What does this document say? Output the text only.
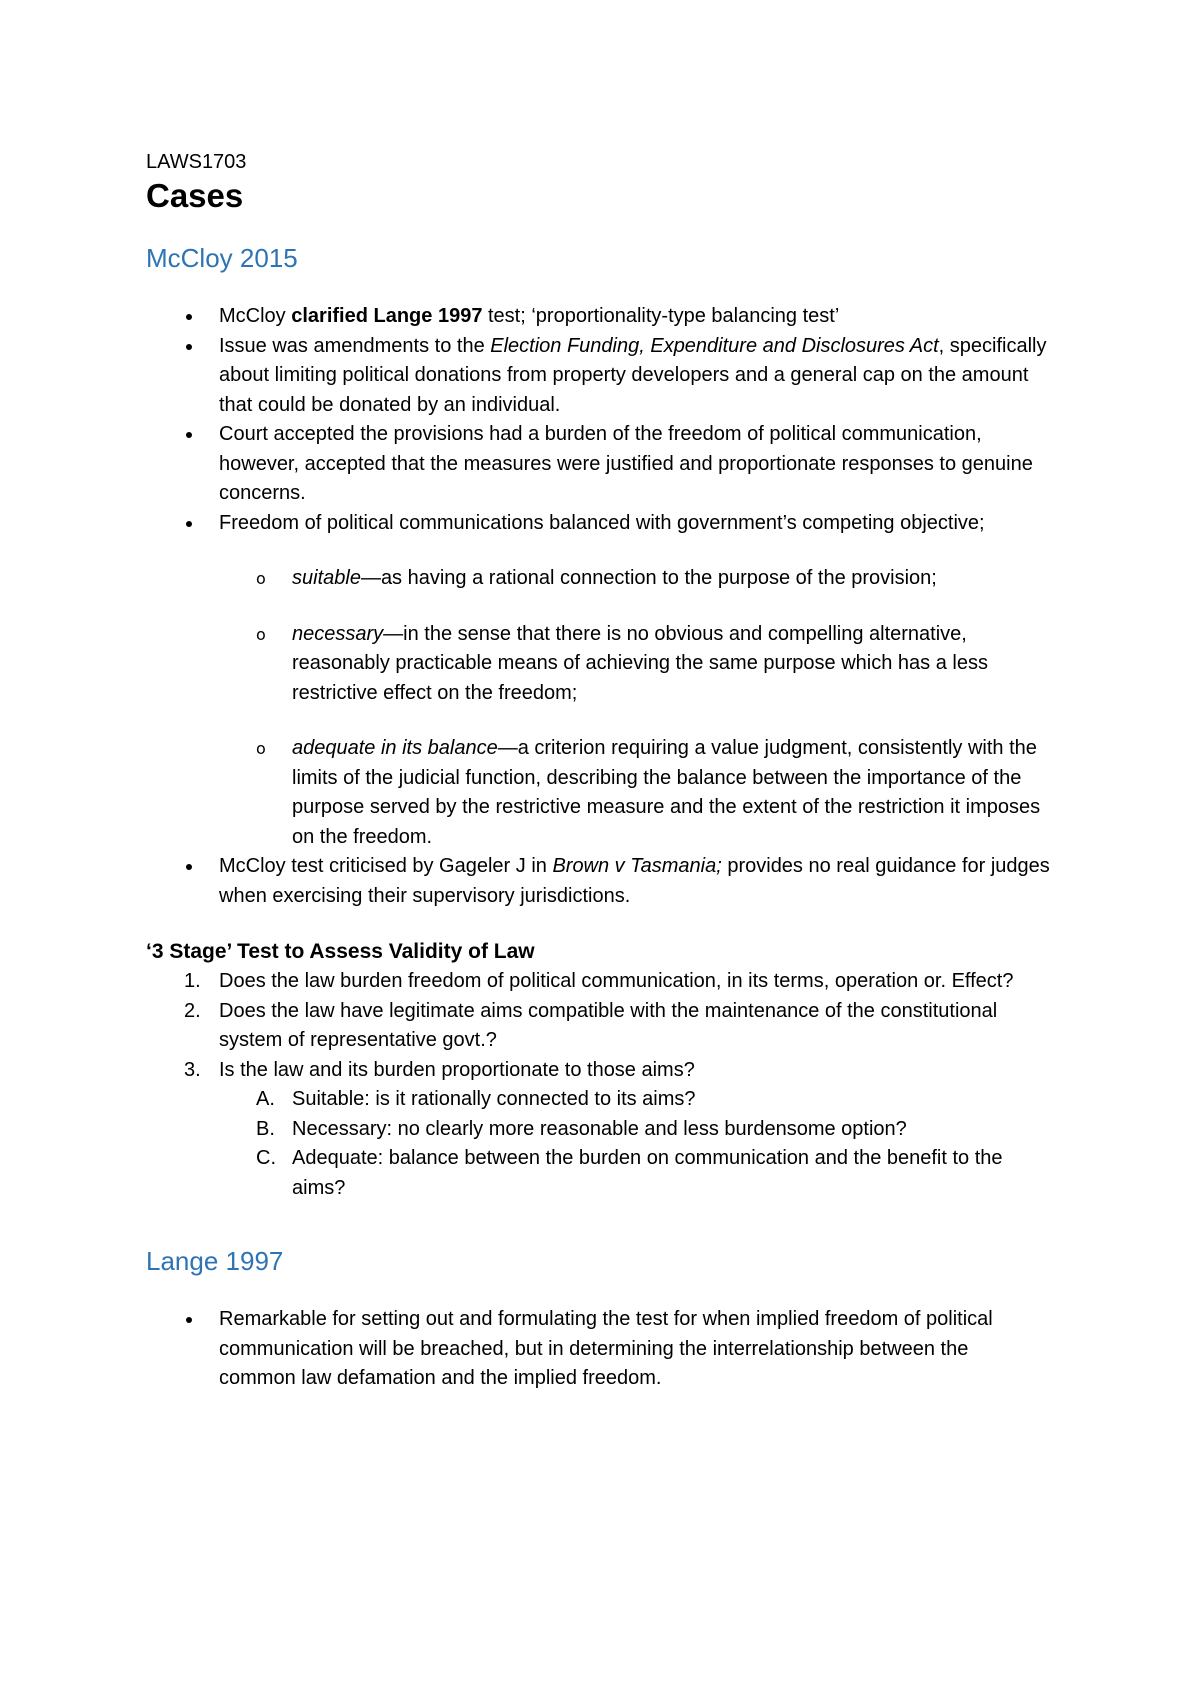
LAWS1703

Cases
McCloy 2015
McCloy clarified Lange 1997 test; ‘proportionality-type balancing test’
Issue was amendments to the Election Funding, Expenditure and Disclosures Act, specifically about limiting political donations from property developers and a general cap on the amount that could be donated by an individual.
Court accepted the provisions had a burden of the freedom of political communication, however, accepted that the measures were justified and proportionate responses to genuine concerns.
Freedom of political communications balanced with government’s competing objective;
o suitable—as having a rational connection to the purpose of the provision;
o necessary—in the sense that there is no obvious and compelling alternative, reasonably practicable means of achieving the same purpose which has a less restrictive effect on the freedom;
o adequate in its balance—a criterion requiring a value judgment, consistently with the limits of the judicial function, describing the balance between the importance of the purpose served by the restrictive measure and the extent of the restriction it imposes on the freedom.
McCloy test criticised by Gageler J in Brown v Tasmania; provides no real guidance for judges when exercising their supervisory jurisdictions.
‘3 Stage’ Test to Assess Validity of Law
1. Does the law burden freedom of political communication, in its terms, operation or. Effect?
2. Does the law have legitimate aims compatible with the maintenance of the constitutional system of representative govt.?
3. Is the law and its burden proportionate to those aims?
A. Suitable: is it rationally connected to its aims?
B. Necessary: no clearly more reasonable and less burdensome option?
C. Adequate: balance between the burden on communication and the benefit to the aims?
Lange 1997
Remarkable for setting out and formulating the test for when implied freedom of political communication will be breached, but in determining the interrelationship between the common law defamation and the implied freedom.
